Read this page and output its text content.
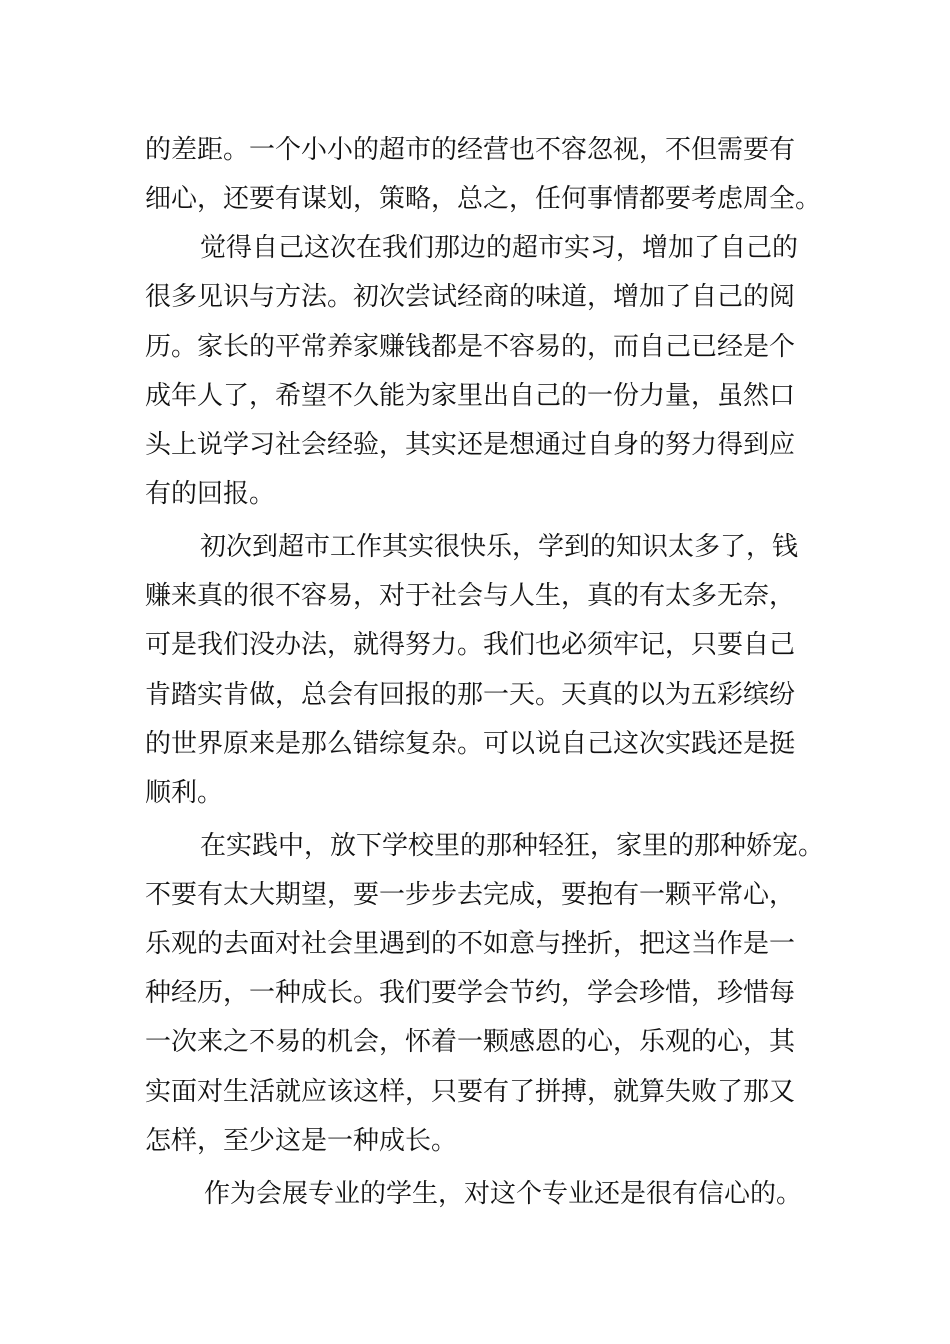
的差距。一个小小的超市的经营也不容忽视，不但需要有
细心，还要有谋划，策略，总之，任何事情都要考虑周全。
觉得自己这次在我们那边的超市实习，增加了自己的
很多见识与方法。初次尝试经商的味道，增加了自己的阅
历。家长的平常养家赚钱都是不容易的，而自己已经是个
成年人了，希望不久能为家里出自己的一份力量，虽然口
头上说学习社会经验，其实还是想通过自身的努力得到应
有的回报。
初次到超市工作其实很快乐，学到的知识太多了，钱
赚来真的很不容易，对于社会与人生，真的有太多无奈，
可是我们没办法，就得努力。我们也必须牢记，只要自己
肯踏实肯做，总会有回报的那一天。天真的以为五彩缤纷
的世界原来是那么错综复杂。可以说自己这次实践还是挺
顺利。
在实践中，放下学校里的那种轻狂，家里的那种娇宠。
不要有太大期望，要一步步去完成，要抱有一颗平常心，
乐观的去面对社会里遇到的不如意与挫折，把这当作是一
种经历，一种成长。我们要学会节约，学会珍惜，珍惜每
一次来之不易的机会，怀着一颗感恩的心，乐观的心，其
实面对生活就应该这样，只要有了拼搏，就算失败了那又
怎样，至少这是一种成长。
作为会展专业的学生，对这个专业还是很有信心的。
